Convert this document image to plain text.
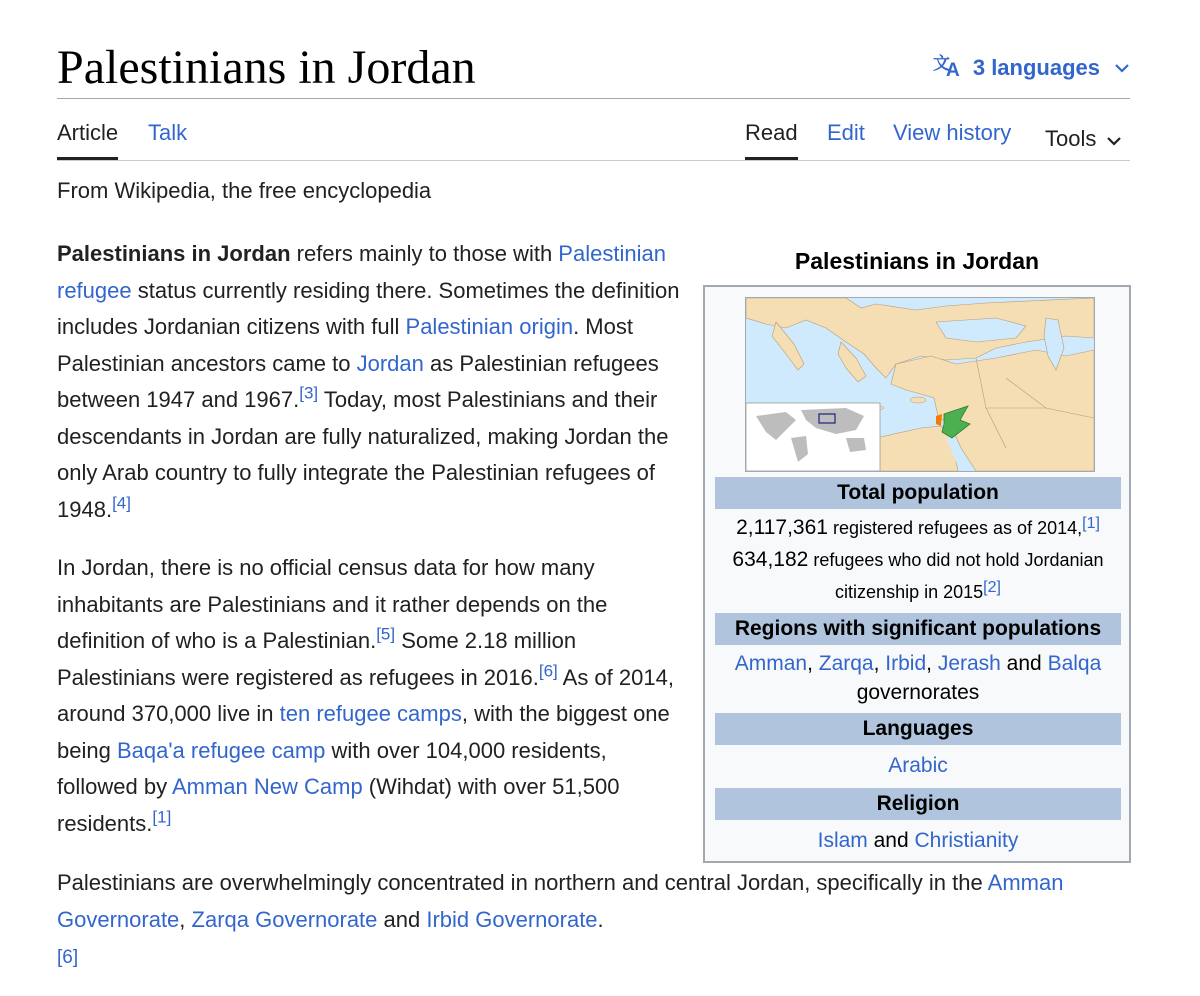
Palestinians in Jordan	文
A 3 languages
Article Talk	Read Edit View history Tools
From Wikipedia, the free encyclopedia

Palestinians in Jordan refers mainly to those with Palestinian refugee status currently residing there. Sometimes the definition includes Jordanian citizens with full Palestinian origin. Most Palestinian ancestors came to Jordan as Palestinian refugees between 1947 and 1967.[3] Today, most Palestinians and their descendants in Jordan are fully naturalized, making Jordan the only Arab country to fully integrate the Palestinian refugees of 1948.[4]

In Jordan, there is no official census data for how many inhabitants are Palestinians and it rather depends on the definition of who is a Palestinian.[5] Some 2.18 million Palestinians were registered as refugees in 2016.[6] As of 2014, around 370,000 live in ten refugee camps, with the biggest one being Baqa'a refugee camp with over 104,000 residents, followed by Amman New Camp (Wihdat) with over 51,500 residents.[1]

Palestinians are overwhelmingly concentrated in northern and central Jordan, specifically in the Amman Governorate, Zarqa Governorate and Irbid Governorate.
[6]

Palestinians in Jordan
Total population
2,117,361 registered refugees as of 2014,[1]
634,182 refugees who did not hold Jordanian citizenship in 2015[2]
Regions with significant populations
Amman, Zarqa, Irbid, Jerash and Balqa governorates
Languages
Arabic
Religion
Islam and Christianity
